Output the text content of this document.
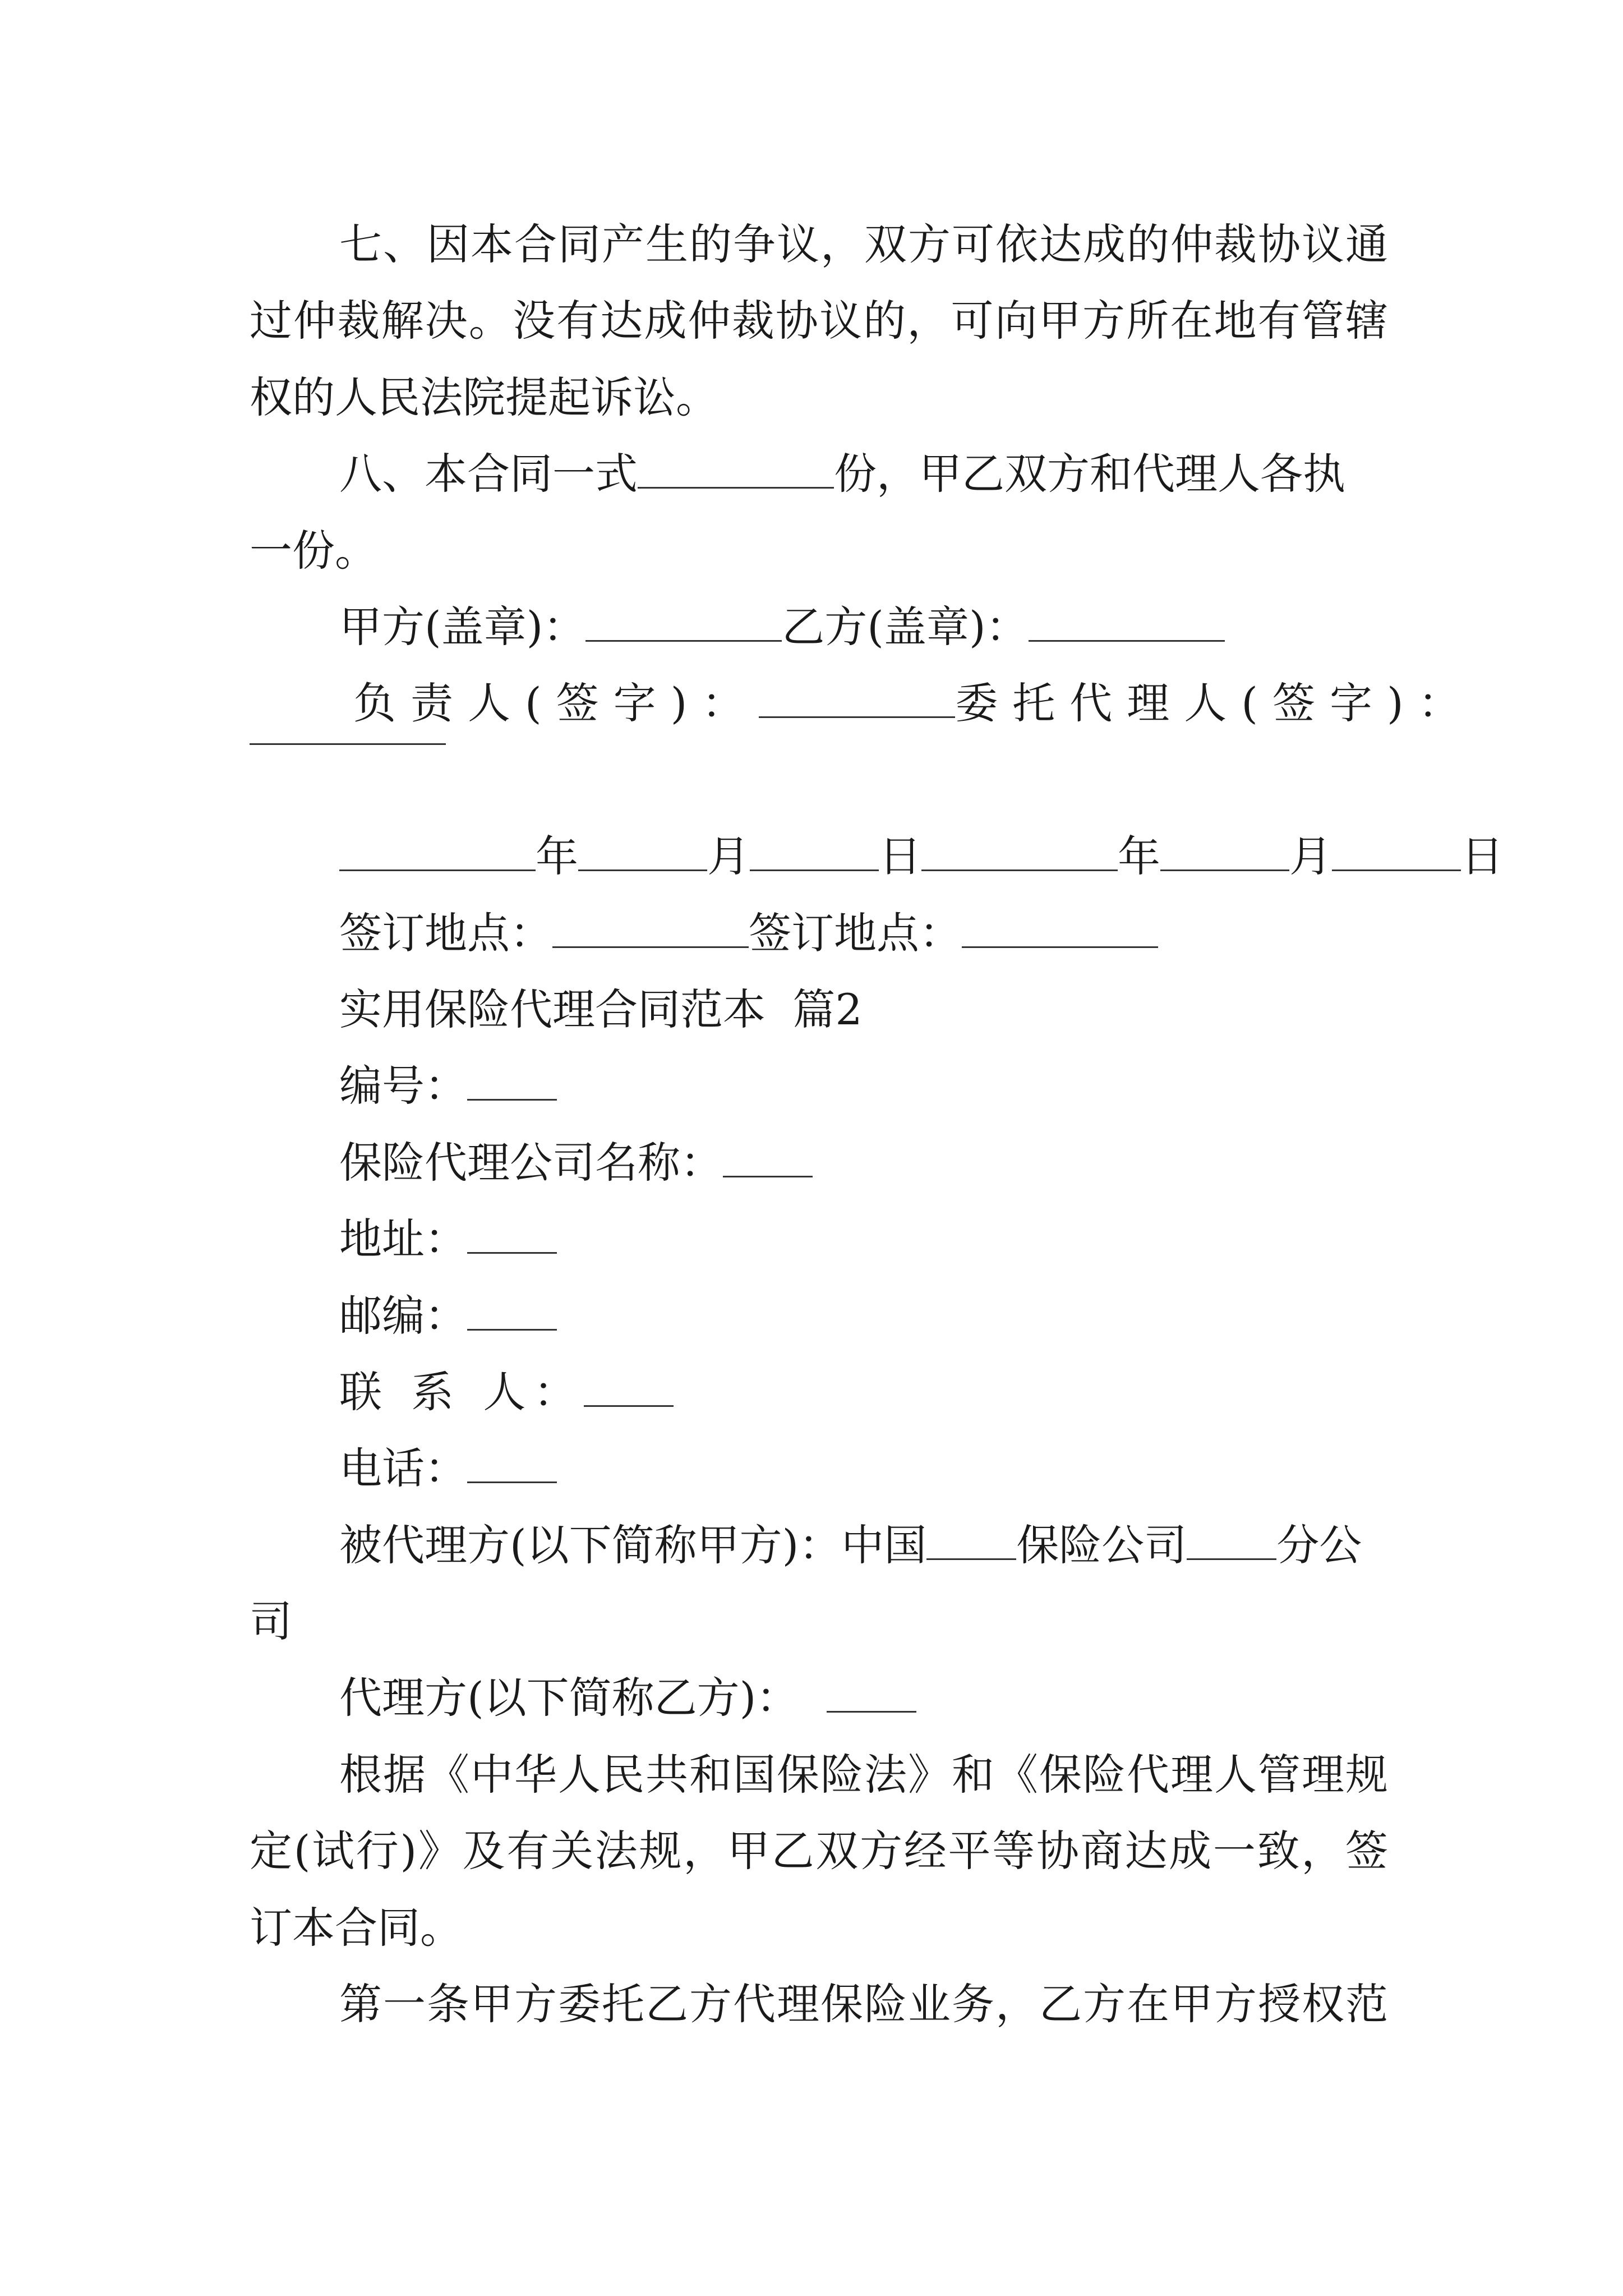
七、因本合同产生的争议，双方可依达成的仲裁协议通
过仲裁解决。没有达成仲裁协议的，可向甲方所在地有管辖
权的人民法院提起诉讼。
八、本合同一式	份，甲乙双方和代理人各执
一份。
甲方(盖章)：	乙方(盖章)：
负责人(签字)：	委托代理人(签字)：
年	月	日	年	月	日
签订地点：	签订地点：
实用保险代理合同范本  篇2
编号：
保险代理公司名称：
地址：
邮编：
联 系 人：
电话：
被代理方(以下简称甲方)：中国 保险公司 分公
司
代理方(以下简称乙方)：
根据《中华人民共和国保险法》和《保险代理人管理规
定(试行)》及有关法规，甲乙双方经平等协商达成一致，签
订本合同。
第一条甲方委托乙方代理保险业务，乙方在甲方授权范
